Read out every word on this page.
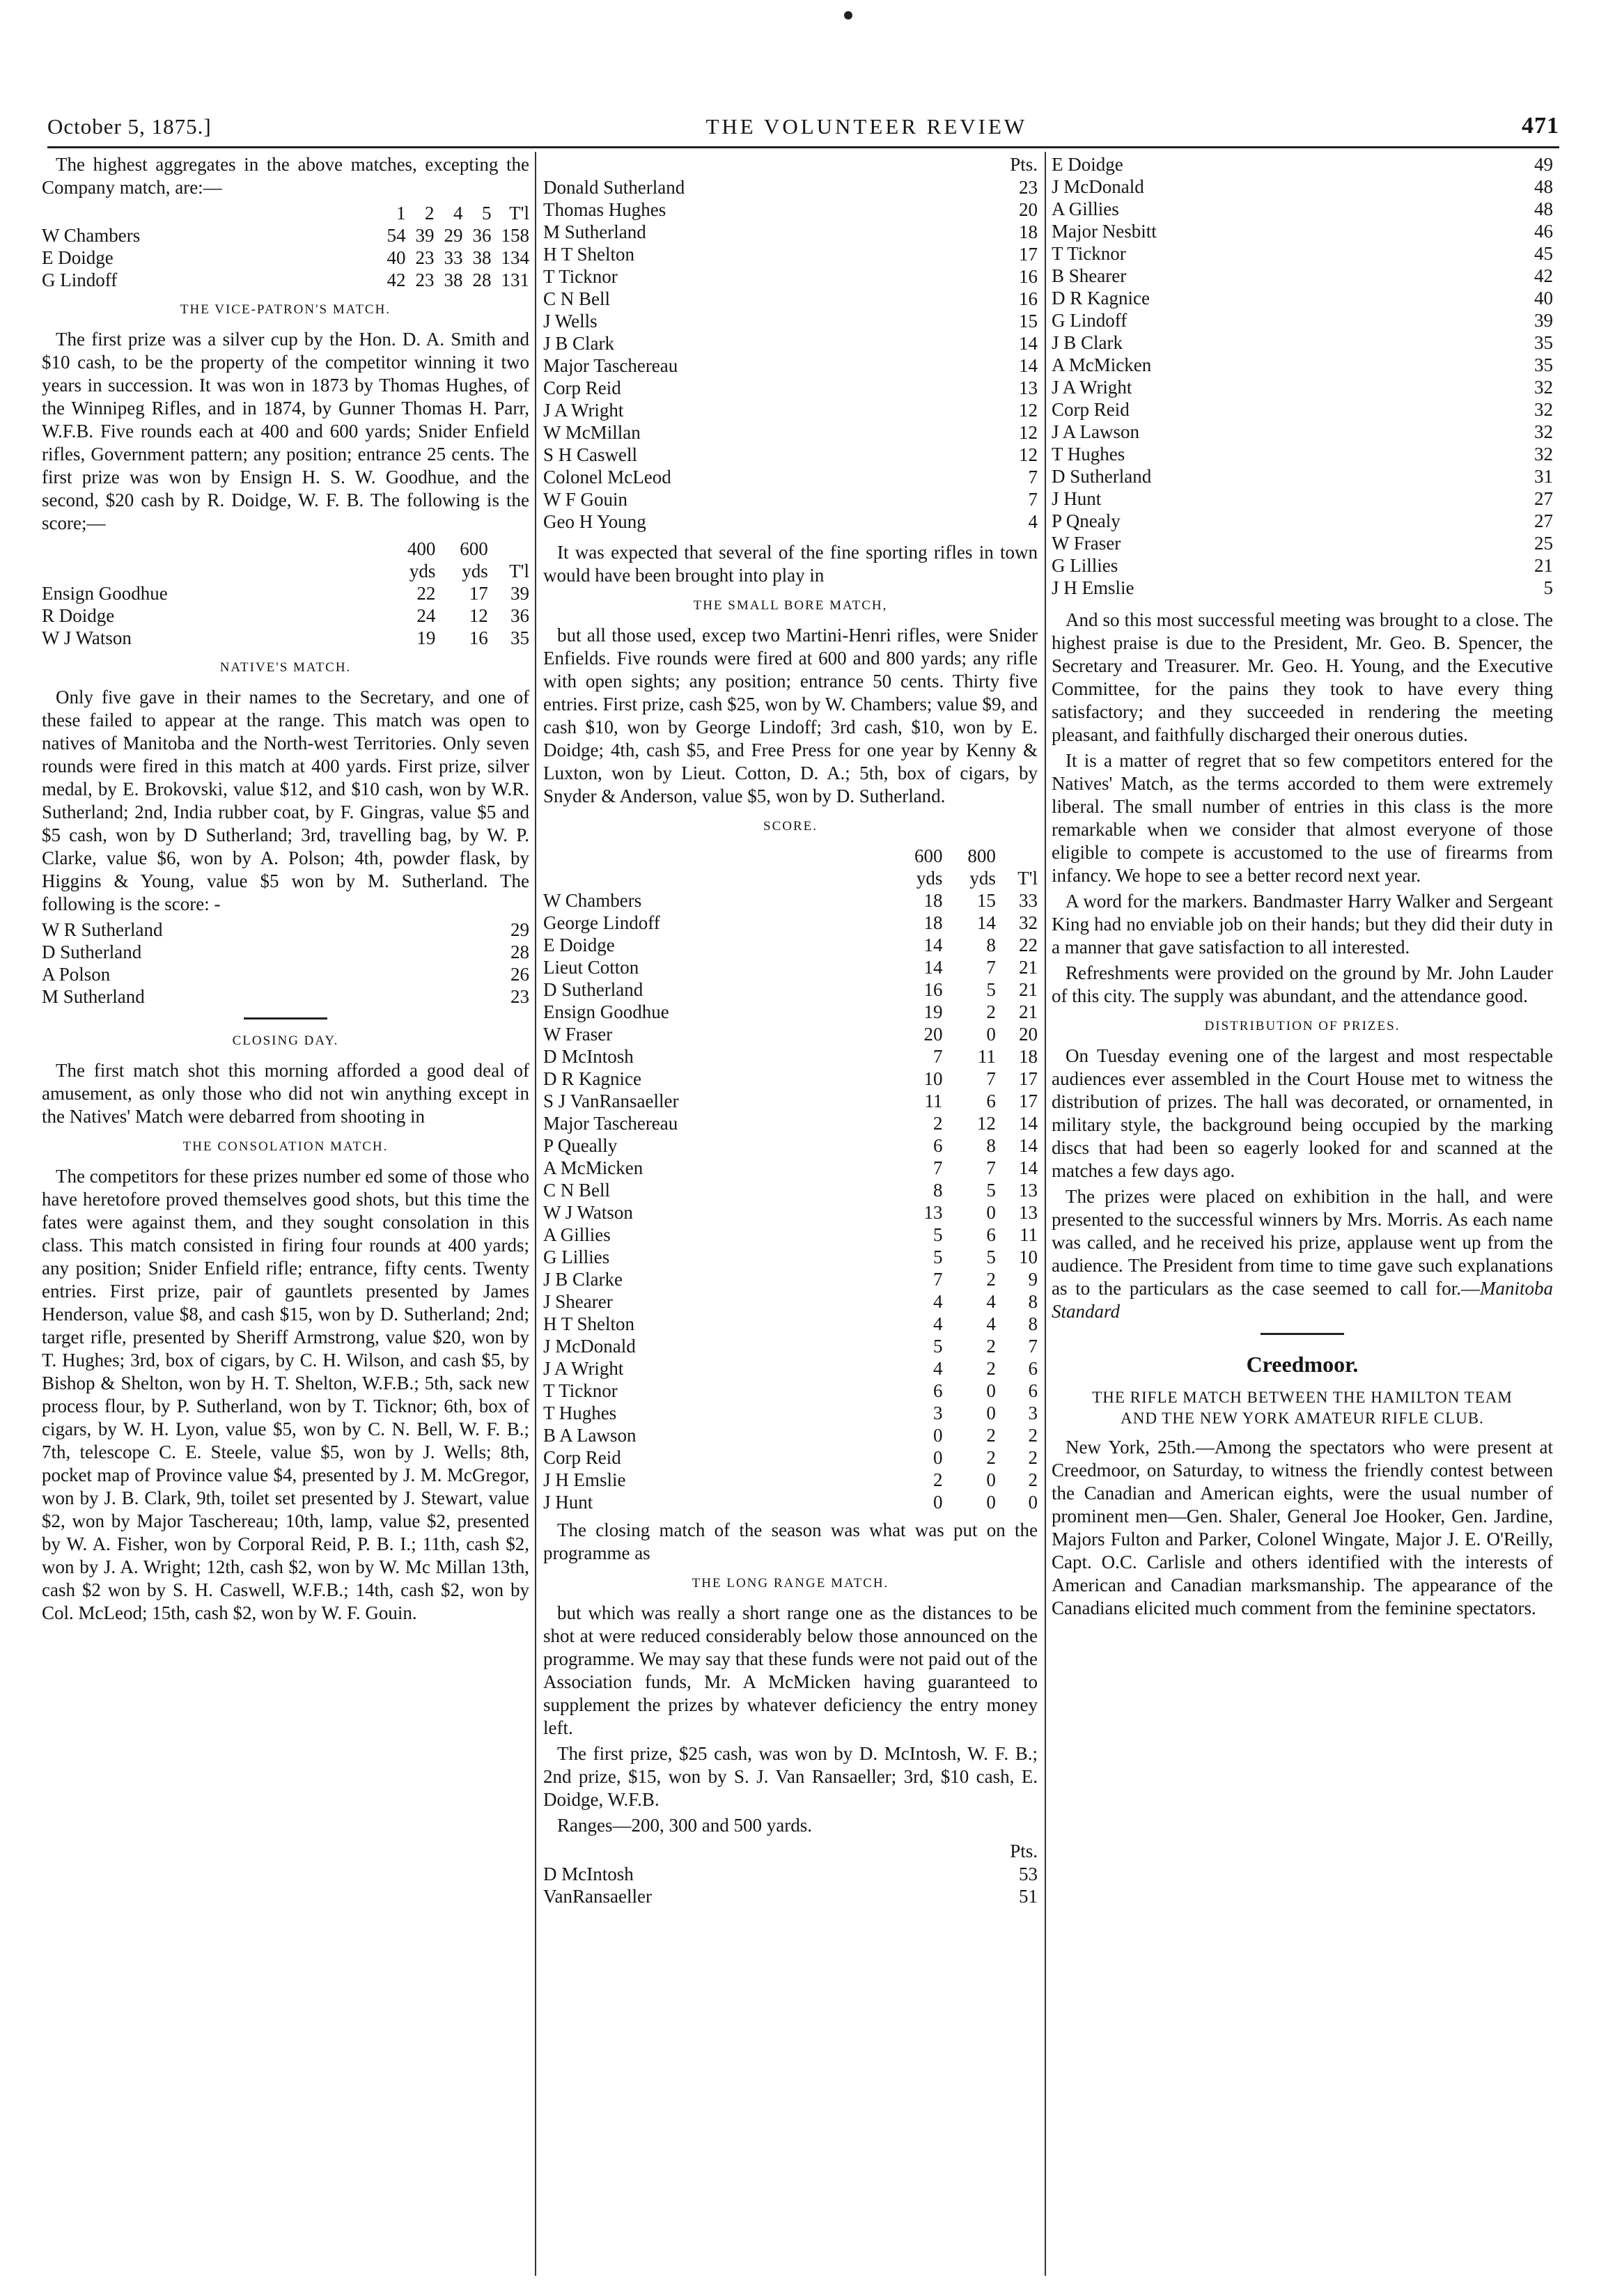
October 5, 1875.]	THE VOLUNTEER REVIEW	471

The highest aggregates in the above matches, excepting the Company match, are:—

	1	2	4	5	T'l
W Chambers	54	39	29	36	158
E Doidge	40	23	33	38	134
G Lindoff	42	23	38	28	131

THE VICE-PATRON'S MATCH.

The first prize was a silver cup by the Hon. D. A. Smith and $10 cash, to be the property of the competitor winning it two years in succession. It was won in 1873 by Thomas Hughes, of the Winnipeg Rifles, and in 1874, by Gunner Thomas H. Parr, W.F.B. Five rounds each at 400 and 600 yards; Snider Enfield rifles, Government pattern; any position; entrance 25 cents. The first prize was won by Ensign H. S. W. Goodhue, and the second, $20 cash by R. Doidge, W. F. B. The following is the score;—

	400	600	
	yds	yds	T'l
Ensign Goodhue	22	17	39
R Doidge	24	12	36
W J Watson	19	16	35

NATIVE'S MATCH.

Only five gave in their names to the Secretary, and one of these failed to appear at the range. This match was open to natives of Manitoba and the North-west Territories. Only seven rounds were fired in this match at 400 yards. First prize, silver medal, by E. Brokovski, value $12, and $10 cash, won by W.R. Sutherland; 2nd, India rubber coat, by F. Gingras, value $5 and $5 cash, won by D Sutherland; 3rd, travelling bag, by W. P. Clarke, value $6, won by A. Polson; 4th, powder flask, by Higgins & Young, value $5 won by M. Sutherland. The following is the score: -

W R Sutherland	29
D Sutherland	28
A Polson	26
M Sutherland	23

CLOSING DAY.

The first match shot this morning afforded a good deal of amusement, as only those who did not win anything except in the Natives' Match were debarred from shooting in

THE CONSOLATION MATCH.

The competitors for these prizes number ed some of those who have heretofore proved themselves good shots, but this time the fates were against them, and they sought consolation in this class. This match consisted in firing four rounds at 400 yards; any position; Snider Enfield rifle; entrance, fifty cents. Twenty entries. First prize, pair of gauntlets presented by James Henderson, value $8, and cash $15, won by D. Sutherland; 2nd; target rifle, presented by Sheriff Armstrong, value $20, won by T. Hughes; 3rd, box of cigars, by C. H. Wilson, and cash $5, by Bishop & Shelton, won by H. T. Shelton, W.F.B.; 5th, sack new process flour, by P. Sutherland, won by T. Ticknor; 6th, box of cigars, by W. H. Lyon, value $5, won by C. N. Bell, W. F. B.; 7th, telescope C. E. Steele, value $5, won by J. Wells; 8th, pocket map of Province value $4, presented by J. M. McGregor, won by J. B. Clark, 9th, toilet set presented by J. Stewart, value $2, won by Major Taschereau; 10th, lamp, value $2, presented by W. A. Fisher, won by Corporal Reid, P. B. I.; 11th, cash $2, won by J. A. Wright; 12th, cash $2, won by W. Mc Millan 13th, cash $2 won by S. H. Caswell, W.F.B.; 14th, cash $2, won by Col. McLeod; 15th, cash $2, won by W. F. Gouin.

Pts.
Donald Sutherland	23
Thomas Hughes	20
M Sutherland	18
H T Shelton	17
T Ticknor	16
C N Bell	16
J Wells	15
J B Clark	14
Major Taschereau	14
Corp Reid	13
J A Wright	12
W McMillan	12
S H Caswell	12
Colonel McLeod	7
W F Gouin	7
Geo H Young	4

It was expected that several of the fine sporting rifles in town would have been brought into play in

THE SMALL BORE MATCH,

but all those used, excep two Martini-Henri rifles, were Snider Enfields. Five rounds were fired at 600 and 800 yards; any rifle with open sights; any position; entrance 50 cents. Thirty five entries. First prize, cash $25, won by W. Chambers; value $9, and cash $10, won by George Lindoff; 3rd cash, $10, won by E. Doidge; 4th, cash $5, and Free Press for one year by Kenny & Luxton, won by Lieut. Cotton, D. A.; 5th, box of cigars, by Snyder & Anderson, value $5, won by D. Sutherland.

SCORE.

	600	800	
	yds	yds	T'l
W Chambers	18	15	33
George Lindoff	18	14	32
E Doidge	14	8	22
Lieut Cotton	14	7	21
D Sutherland	16	5	21
Ensign Goodhue	19	2	21
W Fraser	20	0	20
D McIntosh	7	11	18
D R Kagnice	10	7	17
S J VanRansaeller	11	6	17
Major Taschereau	2	12	14
P Queally	6	8	14
A McMicken	7	7	14
C N Bell	8	5	13
W J Watson	13	0	13
A Gillies	5	6	11
G Lillies	5	5	10
J B Clarke	7	2	9
J Shearer	4	4	8
H T Shelton	4	4	8
J McDonald	5	2	7
J A Wright	4	2	6
T Ticknor	6	0	6
T Hughes	3	0	3
B A Lawson	0	2	2
Corp Reid	0	2	2
J H Emslie	2	0	2
J Hunt	0	0	0

The closing match of the season was what was put on the programme as

THE LONG RANGE MATCH.

but which was really a short range one as the distances to be shot at were reduced considerably below those announced on the programme. We may say that these funds were not paid out of the Association funds, Mr. A McMicken having guaranteed to supplement the prizes by whatever deficiency the entry money left.

The first prize, $25 cash, was won by D. McIntosh, W. F. B.; 2nd prize, $15, won by S. J. Van Ransaeller; 3rd, $10 cash, E. Doidge, W.F.B.

Ranges—200, 300 and 500 yards.

Pts.
D McIntosh	53
VanRansaeller	51
E Doidge	49
J McDonald	48
A Gillies	48
Major Nesbitt	46
T Ticknor	45
B Shearer	42
D R Kagnice	40
G Lindoff	39
J B Clark	35
A McMicken	35
J A Wright	32
Corp Reid	32
J A Lawson	32
T Hughes	32
D Sutherland	31
J Hunt	27
P Qnealy	27
W Fraser	25
G Lillies	21
J H Emslie	5

And so this most successful meeting was brought to a close. The highest praise is due to the President, Mr. Geo. B. Spencer, the Secretary and Treasurer. Mr. Geo. H. Young, and the Executive Committee, for the pains they took to have every thing satisfactory; and they succeeded in rendering the meeting pleasant, and faithfully discharged their onerous duties.

It is a matter of regret that so few competitors entered for the Natives' Match, as the terms accorded to them were extremely liberal. The small number of entries in this class is the more remarkable when we consider that almost everyone of those eligible to compete is accustomed to the use of firearms from infancy. We hope to see a better record next year.

A word for the markers. Bandmaster Harry Walker and Sergeant King had no enviable job on their hands; but they did their duty in a manner that gave satisfaction to all interested.

Refreshments were provided on the ground by Mr. John Lauder of this city. The supply was abundant, and the attendance good.

DISTRIBUTION OF PRIZES.

On Tuesday evening one of the largest and most respectable audiences ever assembled in the Court House met to witness the distribution of prizes. The hall was decorated, or ornamented, in military style, the background being occupied by the marking discs that had been so eagerly looked for and scanned at the matches a few days ago.

The prizes were placed on exhibition in the hall, and were presented to the successful winners by Mrs. Morris. As each name was called, and he received his prize, applause went up from the audience. The President from time to time gave such explanations as to the particulars as the case seemed to call for.—Manitoba Standard

Creedmoor.

THE RIFLE MATCH BETWEEN THE HAMILTON TEAM AND THE NEW YORK AMATEUR RIFLE CLUB.

New York, 25th.—Among the spectators who were present at Creedmoor, on Saturday, to witness the friendly contest between the Canadian and American eights, were the usual number of prominent men—Gen. Shaler, General Joe Hooker, Gen. Jardine, Majors Fulton and Parker, Colonel Wingate, Major J. E. O'Reilly, Capt. O.C. Carlisle and others identified with the interests of American and Canadian marksmanship. The appearance of the Canadians elicited much comment from the feminine spectators.
